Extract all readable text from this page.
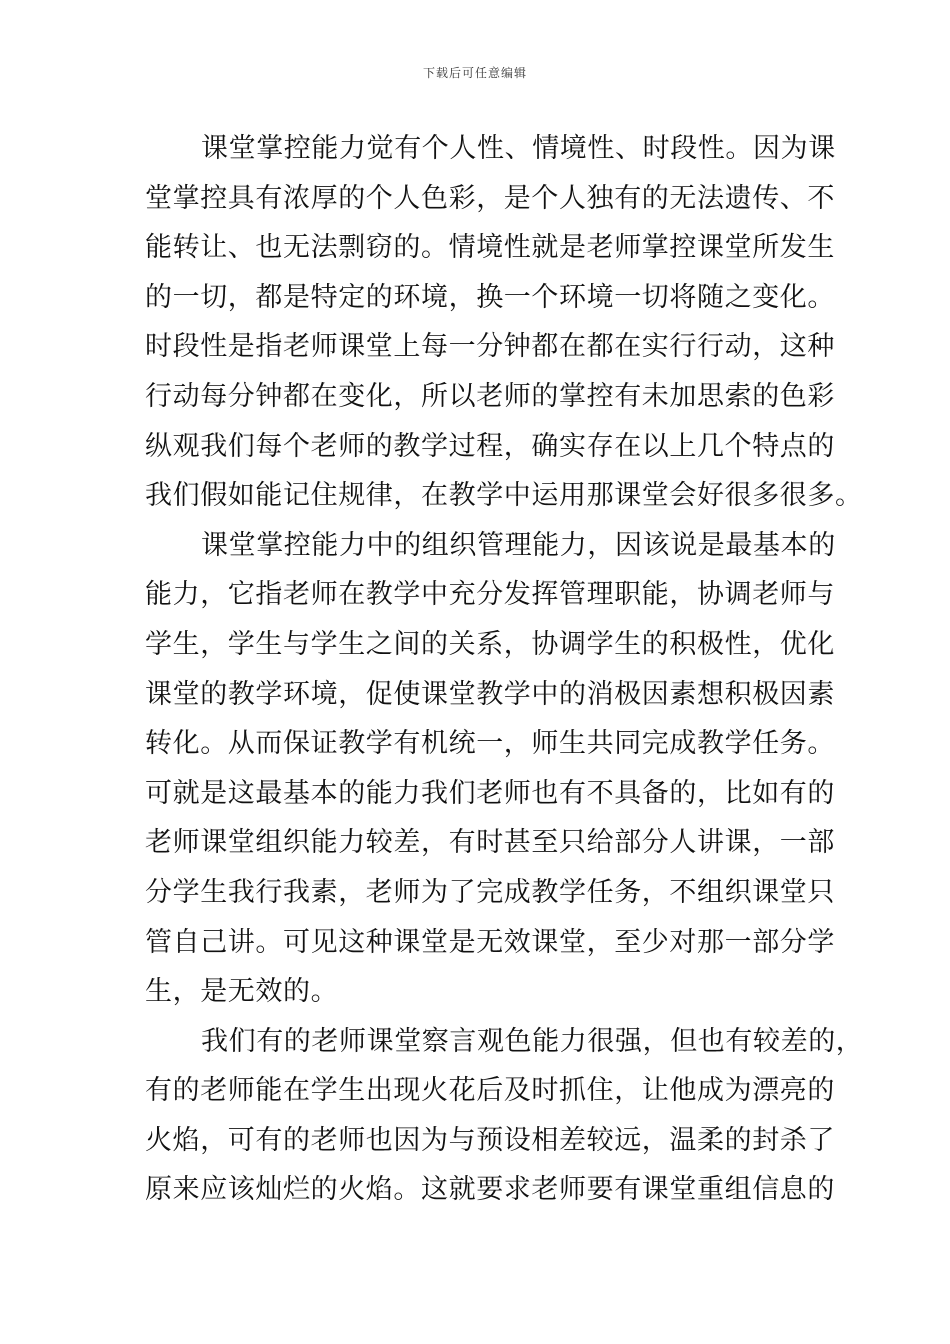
下载后可任意编辑
课堂掌控能力觉有个人性、情境性、时段性。因为课
堂掌控具有浓厚的个人色彩，是个人独有的无法遗传、不
能转让、也无法剽窃的。情境性就是老师掌控课堂所发生
的一切，都是特定的环境，换一个环境一切将随之变化。
时段性是指老师课堂上每一分钟都在都在实行行动，这种
行动每分钟都在变化，所以老师的掌控有未加思索的色彩
纵观我们每个老师的教学过程，确实存在以上几个特点的
我们假如能记住规律，在教学中运用那课堂会好很多很多。
课堂掌控能力中的组织管理能力，因该说是最基本的
能力，它指老师在教学中充分发挥管理职能，协调老师与
学生，学生与学生之间的关系，协调学生的积极性，优化
课堂的教学环境，促使课堂教学中的消极因素想积极因素
转化。从而保证教学有机统一，师生共同完成教学任务。
可就是这最基本的能力我们老师也有不具备的，比如有的
老师课堂组织能力较差，有时甚至只给部分人讲课，一部
分学生我行我素，老师为了完成教学任务，不组织课堂只
管自己讲。可见这种课堂是无效课堂，至少对那一部分学
生，是无效的。
我们有的老师课堂察言观色能力很强，但也有较差的，
有的老师能在学生出现火花后及时抓住，让他成为漂亮的
火焰，可有的老师也因为与预设相差较远，温柔的封杀了
原来应该灿烂的火焰。这就要求老师要有课堂重组信息的
